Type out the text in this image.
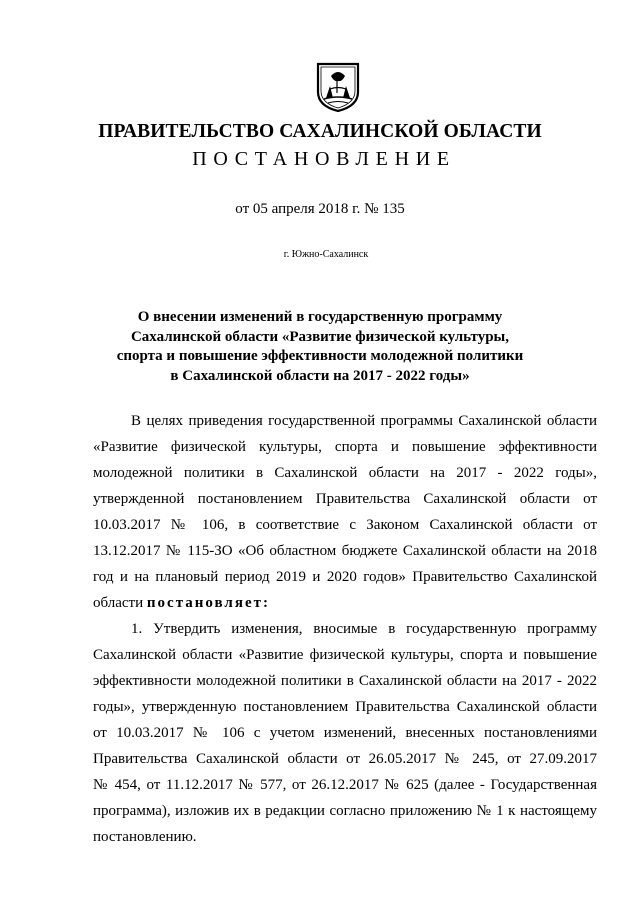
ПРАВИТЕЛЬСТВО САХАЛИНСКОЙ ОБЛАСТИ
ПОСТАНОВЛЕНИЕ
от 05 апреля 2018 г. № 135
г. Южно-Сахалинск
О внесении изменений в государственную программу
Сахалинской области «Развитие физической культуры,
спорта и повышение эффективности молодежной политики
в Сахалинской области на 2017 - 2022 годы»
В целях приведения государственной программы Сахалинской области
«Развитие физической культуры, спорта и повышение эффективности
молодежной политики в Сахалинской области на 2017 - 2022 годы»,
утвержденной постановлением Правительства Сахалинской области от
10.03.2017 № 106, в соответствие с Законом Сахалинской области от
13.12.2017 № 115-ЗО «Об областном бюджете Сахалинской области на 2018
год и на плановый период 2019 и 2020 годов» Правительство Сахалинской
области постановляет:
1. Утвердить изменения, вносимые в государственную программу
Сахалинской области «Развитие физической культуры, спорта и повышение
эффективности молодежной политики в Сахалинской области на 2017 - 2022
годы», утвержденную постановлением Правительства Сахалинской области
от 10.03.2017 № 106 с учетом изменений, внесенных постановлениями
Правительства Сахалинской области от 26.05.2017 № 245, от 27.09.2017
№ 454, от 11.12.2017 № 577, от 26.12.2017 № 625 (далее - Государственная
программа), изложив их в редакции согласно приложению № 1 к настоящему
постановлению.
